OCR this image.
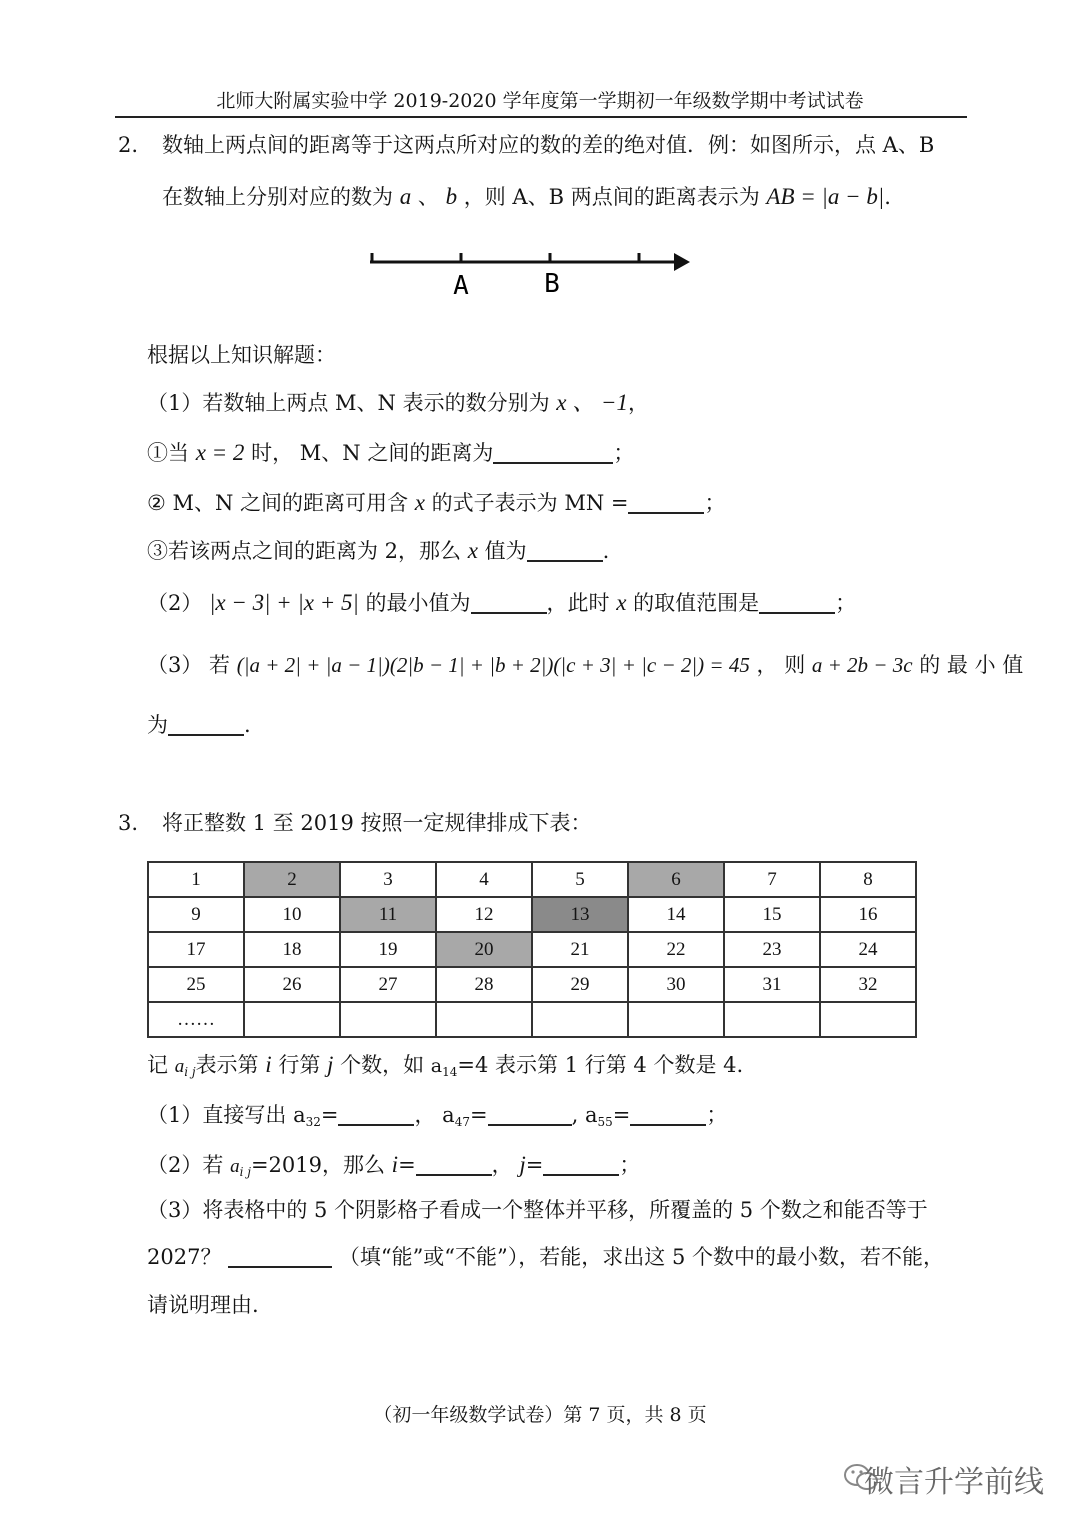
北师大附属实验中学 2019-2020 学年度第一学期初一年级数学期中考试试卷
2. 数轴上两点间的距离等于这两点所对应的数的差的绝对值．例：如图所示，点 A、B
在数轴上分别对应的数为 a 、 b ，则 A、B 两点间的距离表示为 AB = |a − b|.
A	B
根据以上知识解题：
（1）若数轴上两点 M、N 表示的数分别为 x 、 −1，
①当 x = 2 时， M、N 之间的距离为	；
② M、N 之间的距离可用含 x 的式子表示为 MN =	；
③若该两点之间的距离为 2，那么 x 值为	.
（2） |x − 3| + |x + 5| 的最小值为	，此时 x 的取值范围是	；
（3） 若 (|a + 2| + |a − 1|)(2|b − 1| + |b + 2|)(|c + 3| + |c − 2|) = 45 ， 则 a + 2b − 3c 的 最 小 值
为	.
3. 将正整数 1 至 2019 按照一定规律排成下表：
1	2	3	4	5	6	7	8
9	10	11	12	13	14	15	16
17	18	19	20	21	22	23	24
25	26	27	28	29	30	31	32
……							
记 $a_{i j}$表示第 i 行第 j 个数，如 $a_{14}=4$ 表示第 1 行第 4 个数是 4.
（1）直接写出 $a_{32}=$	， $a_{47}=$	, $a_{55}=$	；
（2）若 $a_{i j}=2019$，那么 i=	， j=	；
（3）将表格中的 5 个阴影格子看成一个整体并平移，所覆盖的 5 个数之和能否等于
2027？	（填“能”或“不能”），若能，求出这 5 个数中的最小数，若不能，
请说明理由.
（初一年级数学试卷）第 7 页，共 8 页
微言升学前线
